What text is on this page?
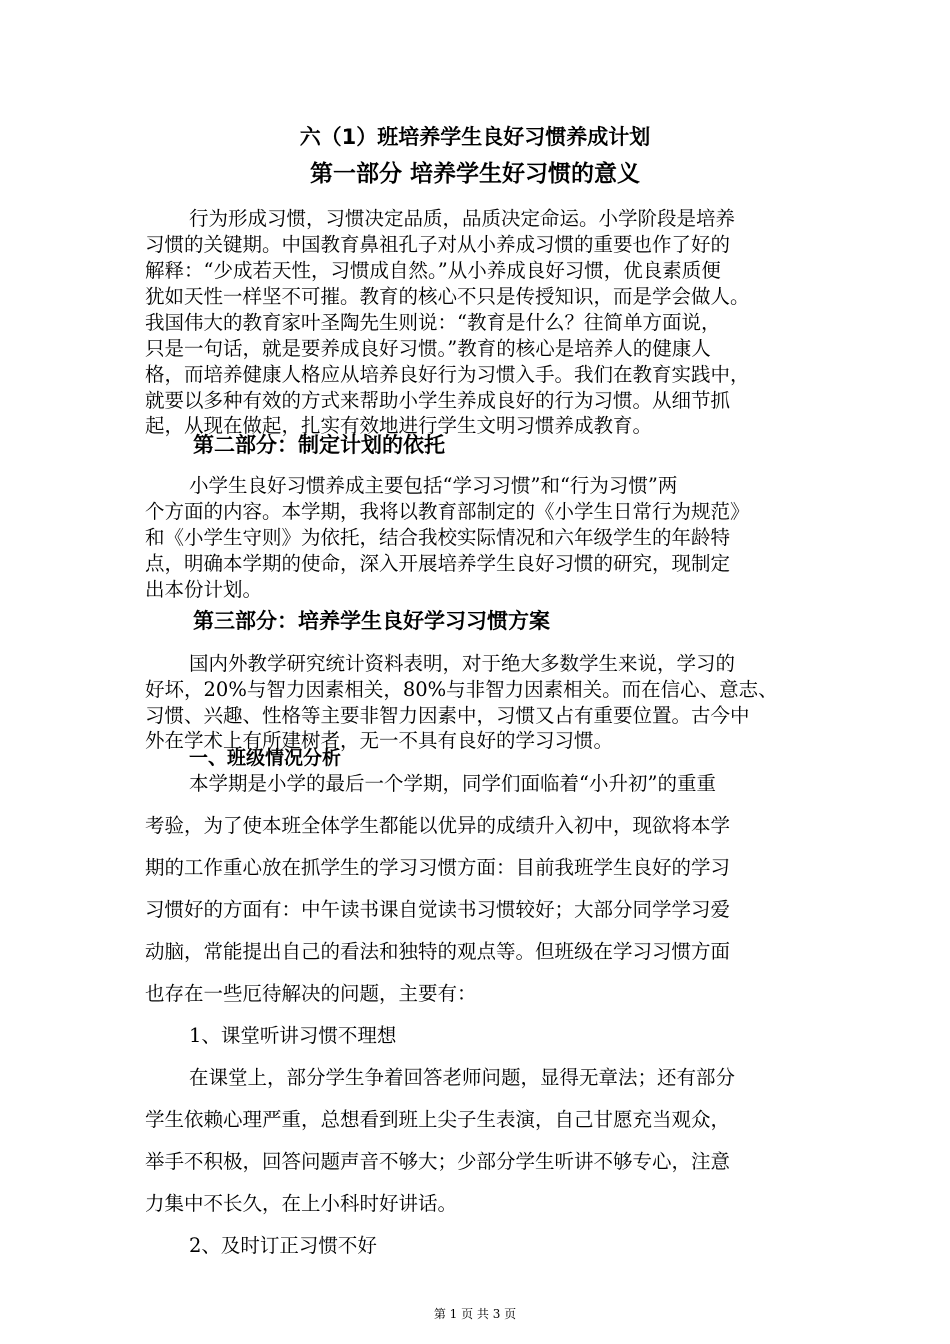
六（1）班培养学生良好习惯养成计划
第一部分 培养学生好习惯的意义
行为形成习惯，习惯决定品质，品质决定命运。小学阶段是培养
习惯的关键期。中国教育鼻祖孔子对从小养成习惯的重要也作了好的
解释：“少成若天性，习惯成自然。”从小养成良好习惯，优良素质便
犹如天性一样坚不可摧。教育的核心不只是传授知识，而是学会做人。
我国伟大的教育家叶圣陶先生则说：“教育是什么？往简单方面说，
只是一句话，就是要养成良好习惯。”教育的核心是培养人的健康人
格，而培养健康人格应从培养良好行为习惯入手。我们在教育实践中，
就要以多种有效的方式来帮助小学生养成良好的行为习惯。从细节抓
起，从现在做起，扎实有效地进行学生文明习惯养成教育。
第二部分：制定计划的依托
小学生良好习惯养成主要包括“学习习惯”和“行为习惯”两
个方面的内容。本学期，我将以教育部制定的《小学生日常行为规范》
和《小学生守则》为依托，结合我校实际情况和六年级学生的年龄特
点，明确本学期的使命，深入开展培养学生良好习惯的研究，现制定
出本份计划。
第三部分：培养学生良好学习习惯方案
国内外教学研究统计资料表明，对于绝大多数学生来说，学习的
好坏，20%与智力因素相关，80%与非智力因素相关。而在信心、意志、
习惯、兴趣、性格等主要非智力因素中，习惯又占有重要位置。古今中
外在学术上有所建树者，无一不具有良好的学习习惯。
一、班级情况分析
本学期是小学的最后一个学期，同学们面临着“小升初”的重重
考验，为了使本班全体学生都能以优异的成绩升入初中，现欲将本学
期的工作重心放在抓学生的学习习惯方面：目前我班学生良好的学习
习惯好的方面有：中午读书课自觉读书习惯较好；大部分同学学习爱
动脑，常能提出自己的看法和独特的观点等。但班级在学习习惯方面
也存在一些厄待解决的问题，主要有：
1、课堂听讲习惯不理想
在课堂上，部分学生争着回答老师问题，显得无章法；还有部分
学生依赖心理严重，总想看到班上尖子生表演，自己甘愿充当观众，
举手不积极，回答问题声音不够大；少部分学生听讲不够专心，注意
力集中不长久，在上小科时好讲话。
2、及时订正习惯不好
第 1 页 共 3 页
